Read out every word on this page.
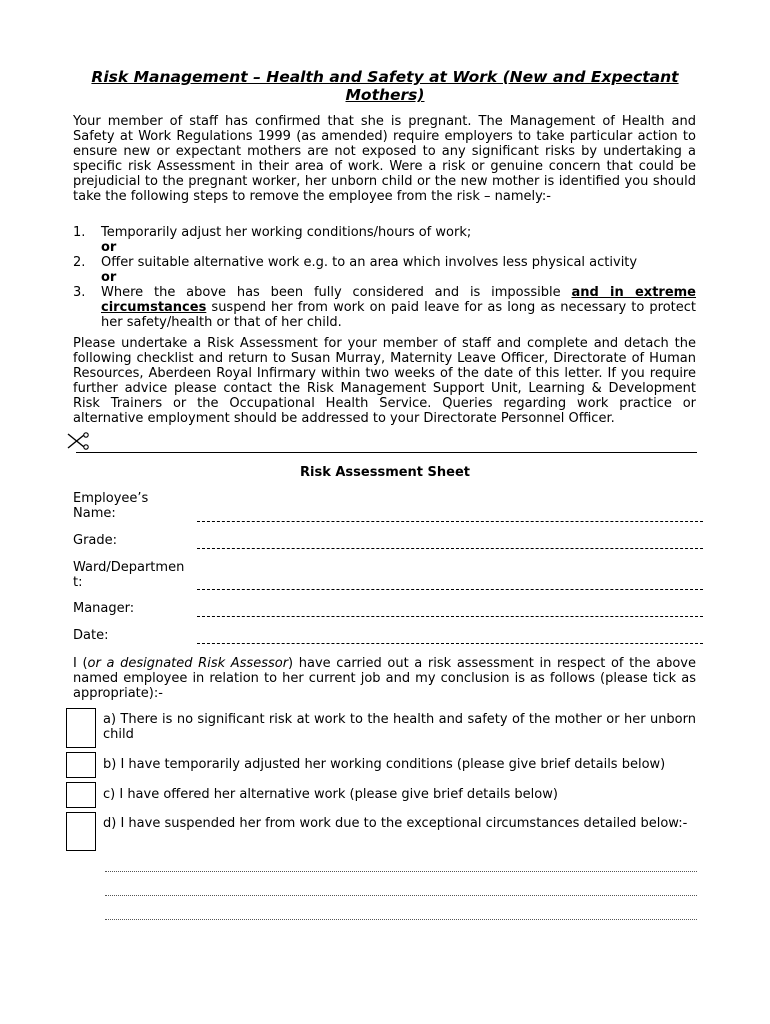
Risk Management – Health and Safety at Work (New and Expectant Mothers)
Your member of staff has confirmed that she is pregnant. The Management of Health and Safety at Work Regulations 1999 (as amended) require employers to take particular action to ensure new or expectant mothers are not exposed to any significant risks by undertaking a specific risk Assessment in their area of work. Were a risk or genuine concern that could be prejudicial to the pregnant worker, her unborn child or the new mother is identified you should take the following steps to remove the employee from the risk – namely:-
1. Temporarily adjust her working conditions/hours of work;
or
2. Offer suitable alternative work e.g. to an area which involves less physical activity
or
3. Where the above has been fully considered and is impossible and in extreme circumstances suspend her from work on paid leave for as long as necessary to protect her safety/health or that of her child.
Please undertake a Risk Assessment for your member of staff and complete and detach the following checklist and return to Susan Murray, Maternity Leave Officer, Directorate of Human Resources, Aberdeen Royal Infirmary within two weeks of the date of this letter. If you require further advice please contact the Risk Management Support Unit, Learning & Development Risk Trainers or the Occupational Health Service. Queries regarding work practice or alternative employment should be addressed to your Directorate Personnel Officer.
Risk Assessment Sheet
Employee’s Name:
Grade:
Ward/Department:
Manager:
Date:
I (or a designated Risk Assessor) have carried out a risk assessment in respect of the above named employee in relation to her current job and my conclusion is as follows (please tick as appropriate):-
a) There is no significant risk at work to the health and safety of the mother or her unborn child
b) I have temporarily adjusted her working conditions (please give brief details below)
c) I have offered her alternative work (please give brief details below)
d) I have suspended her from work due to the exceptional circumstances detailed below:-
